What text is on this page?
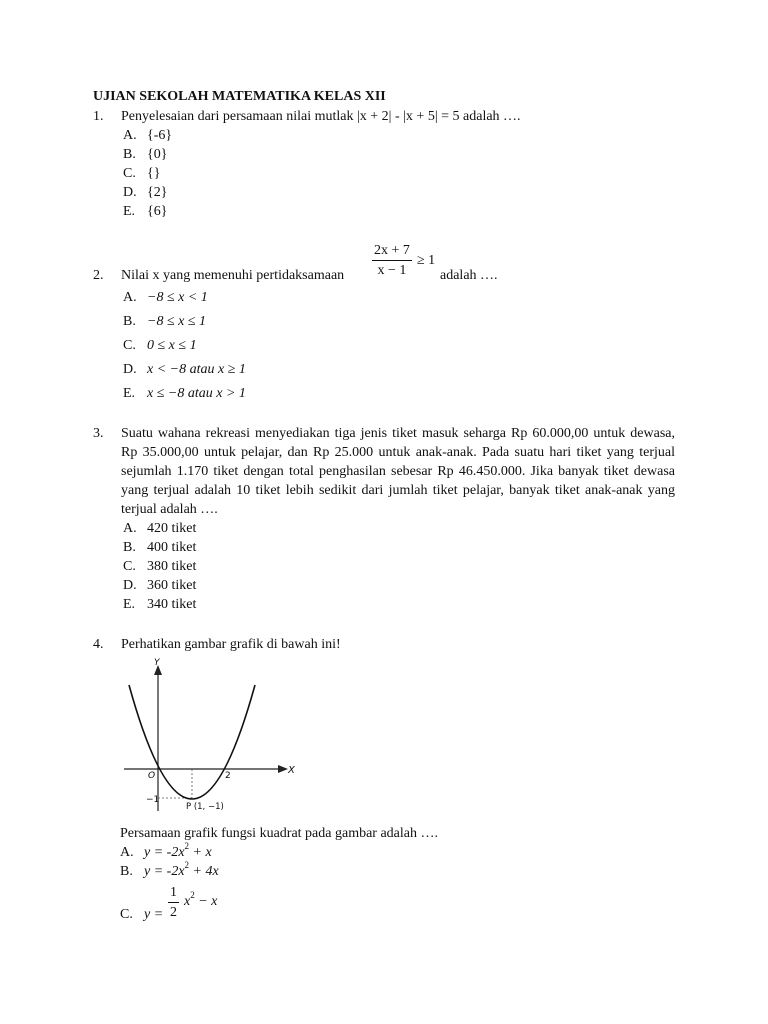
UJIAN SEKOLAH MATEMATIKA KELAS XII
1. Penyelesaian dari persamaan nilai mutlak |x + 2| - |x + 5| = 5 adalah ….
A. {-6}
B. {0}
C. {}
D. {2}
E. {6}
2. Nilai x yang memenuhi pertidaksamaan
2x + 7
x − 1
≥ 1
adalah ….
A. −8 ≤ x < 1
B. −8 ≤ x ≤ 1
C. 0 ≤ x ≤ 1
D. x < −8 atau x ≥ 1
E. x ≤ −8 atau x > 1
3. Suatu wahana rekreasi menyediakan tiga jenis tiket masuk seharga Rp 60.000,00 untuk dewasa, Rp 35.000,00 untuk pelajar, dan Rp 25.000 untuk anak-anak. Pada suatu hari tiket yang terjual sejumlah 1.170 tiket dengan total penghasilan sebesar Rp 46.450.000. Jika banyak tiket dewasa yang terjual adalah 10 tiket lebih sedikit dari jumlah tiket pelajar, banyak tiket anak-anak yang terjual adalah ….
A. 420 tiket
B. 400 tiket
C. 380 tiket
D. 360 tiket
E. 340 tiket
4. Perhatikan gambar grafik di bawah ini!
Y
X
O	2
−1
P (1, −1)
Persamaan grafik fungsi kuadrat pada gambar adalah ….
A. $y = -2x^2 + x$
B. $y = -2x^2 + 4x$
C. y =
1
2
$x^2 - x$
